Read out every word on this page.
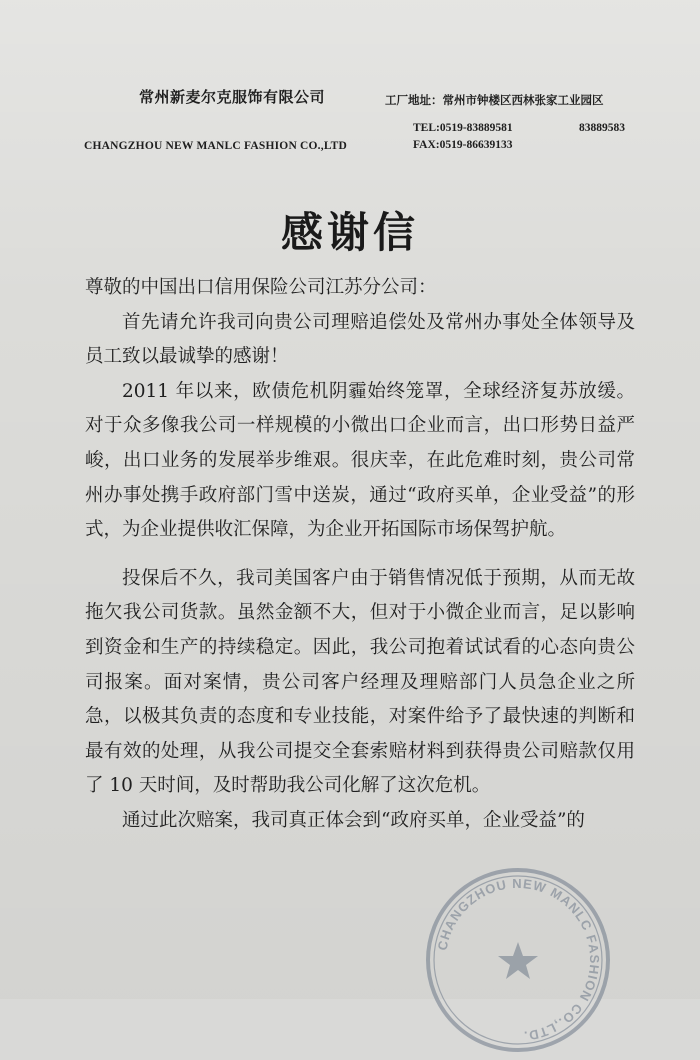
常州新麦尔克服饰有限公司	工厂地址：常州市钟楼区西林张家工业园区
TEL:0519-83889581	83889583
CHANGZHOU NEW MANLC FASHION CO.,LTD	FAX:0519-86639133
感谢信

尊敬的中国出口信用保险公司江苏分公司：

首先请允许我司向贵公司理赔追偿处及常州办事处全体领导及员工致以最诚挚的感谢！

2011 年以来，欧债危机阴霾始终笼罩，全球经济复苏放缓。对于众多像我公司一样规模的小微出口企业而言，出口形势日益严峻，出口业务的发展举步维艰。很庆幸，在此危难时刻，贵公司常州办事处携手政府部门雪中送炭，通过“政府买单，企业受益”的形式，为企业提供收汇保障，为企业开拓国际市场保驾护航。

投保后不久，我司美国客户由于销售情况低于预期，从而无故拖欠我公司货款。虽然金额不大，但对于小微企业而言，足以影响到资金和生产的持续稳定。因此，我公司抱着试试看的心态向贵公司报案。面对案情，贵公司客户经理及理赔部门人员急企业之所急，以极其负责的态度和专业技能，对案件给予了最快速的判断和最有效的处理，从我公司提交全套索赔材料到获得贵公司赔款仅用了 10 天时间，及时帮助我公司化解了这次危机。

通过此次赔案，我司真正体会到“政府买单，企业受益”的

CHANGZHOU NEW MANLC FASHION CO.,LTD.
